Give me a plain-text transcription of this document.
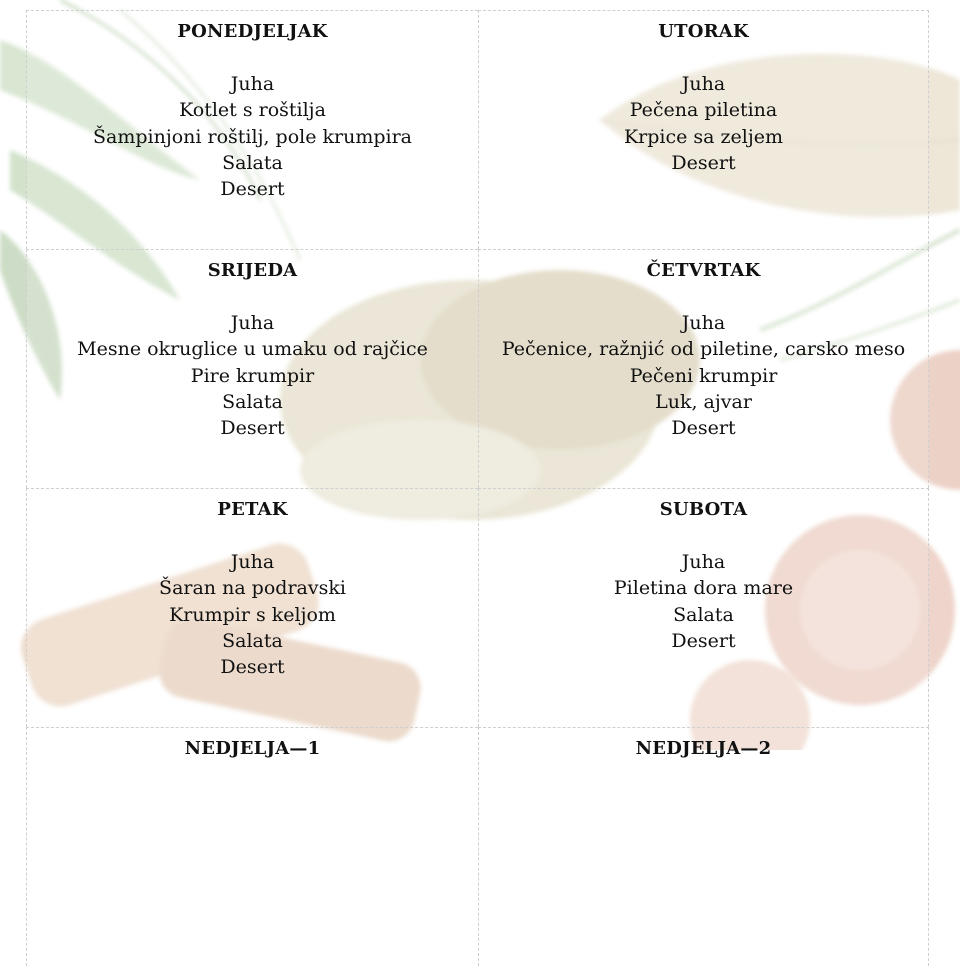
PONEDJELJAK
Juha
Kotlet s roštilja
Šampinjoni roštilj, pole krumpira
Salata
Desert
UTORAK
Juha
Pečena piletina
Krpice sa zeljem
Desert
SRIJEDA
Juha
Mesne okruglice u umaku od rajčice
Pire krumpir
Salata
Desert
ČETVRTAK
Juha
Pečenice, ražnjić od piletine, carsko meso
Pečeni krumpir
Luk, ajvar
Desert
PETAK
Juha
Šaran na podravski
Krumpir s keljom
Salata
Desert
SUBOTA
Juha
Piletina dora mare
Salata
Desert
NEDJELJA—1	NEDJELJA—2
